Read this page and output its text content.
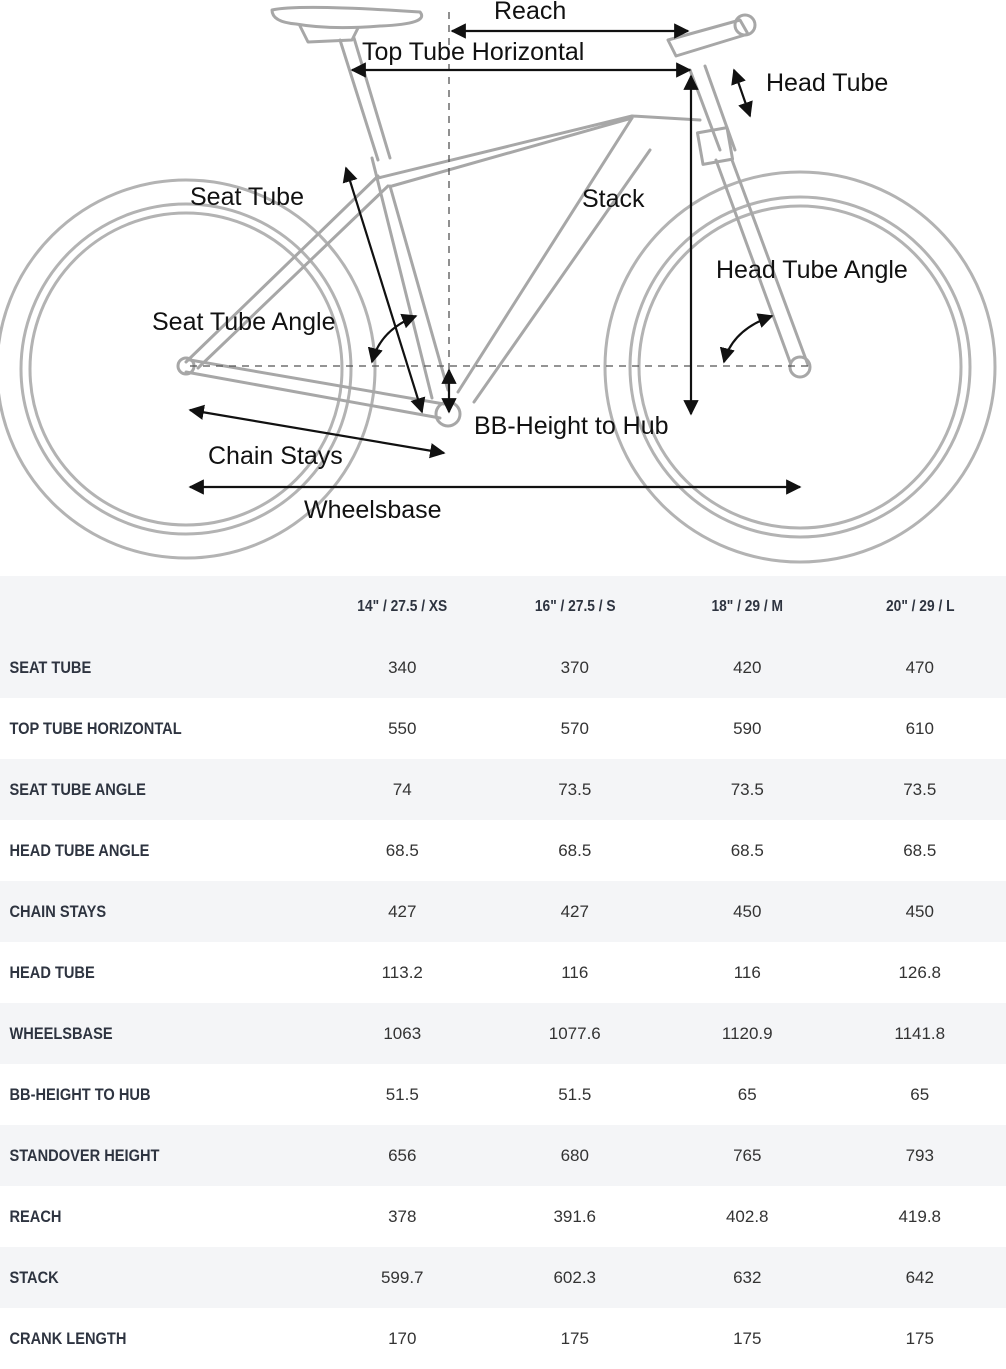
Reach
Top Tube Horizontal
Head Tube
Seat Tube	Stack
Head Tube Angle
Seat Tube Angle
BB-Height to Hub
Chain Stays
Wheelsbase
	14" / 27.5 / XS	16" / 27.5 / S	18" / 29 / M	20" / 29 / L
SEAT TUBE	340	370	420	470
TOP TUBE HORIZONTAL	550	570	590	610
SEAT TUBE ANGLE	74	73.5	73.5	73.5
HEAD TUBE ANGLE	68.5	68.5	68.5	68.5
CHAIN STAYS	427	427	450	450
HEAD TUBE	113.2	116	116	126.8
WHEELSBASE	1063	1077.6	1120.9	1141.8
BB-HEIGHT TO HUB	51.5	51.5	65	65
STANDOVER HEIGHT	656	680	765	793
REACH	378	391.6	402.8	419.8
STACK	599.7	602.3	632	642
CRANK LENGTH	170	175	175	175
